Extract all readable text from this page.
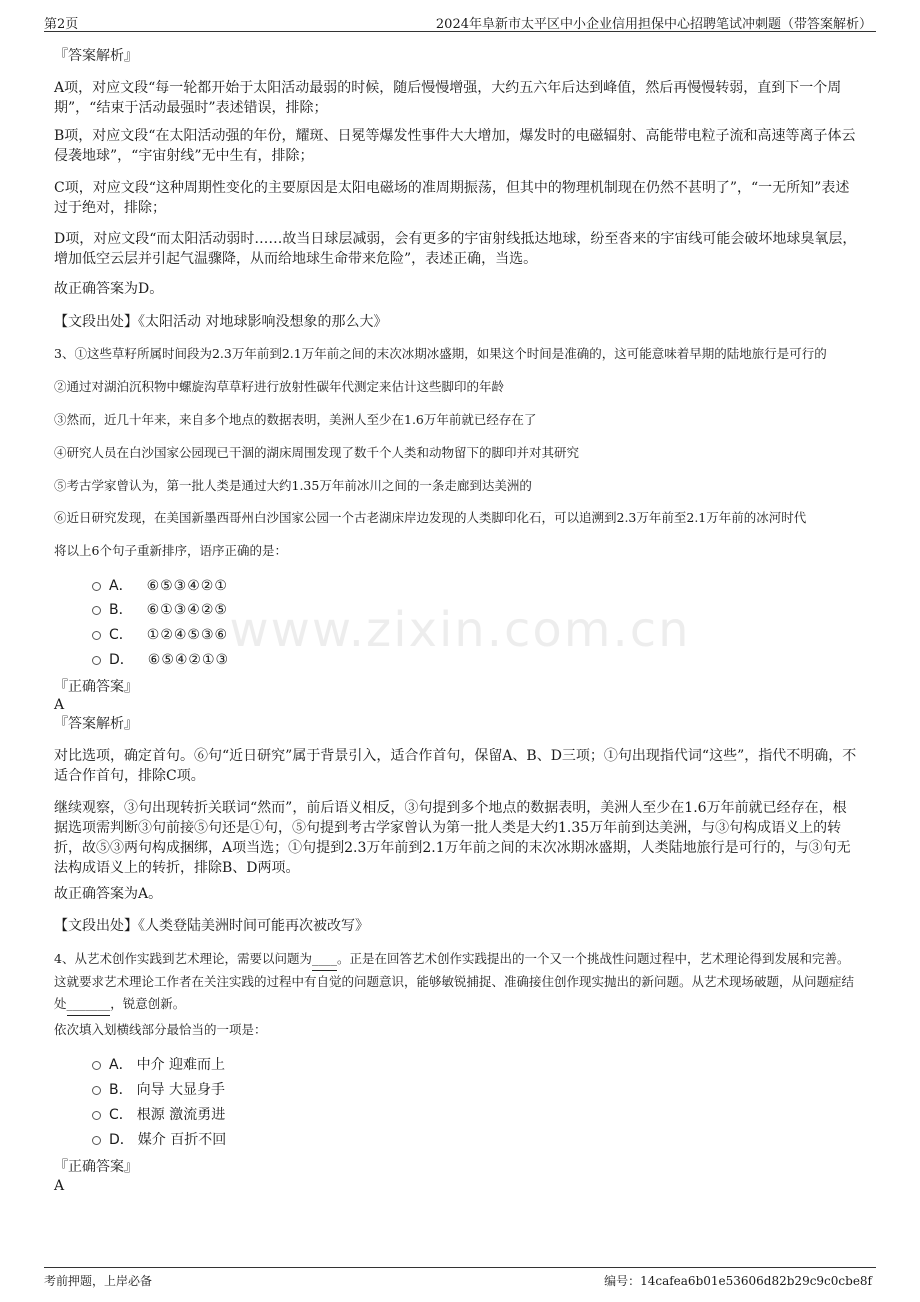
第2页	2024年阜新市太平区中小企业信用担保中心招聘笔试冲刺题（带答案解析）
www.zixin.com.cn

『答案解析』

A项，对应文段“每一轮都开始于太阳活动最弱的时候，随后慢慢增强，大约五六年后达到峰值，然后再慢慢转弱，直到下一个周期”，“结束于活动最强时”表述错误，排除；

B项，对应文段“在太阳活动强的年份，耀斑、日冕等爆发性事件大大增加，爆发时的电磁辐射、高能带电粒子流和高速等离子体云侵袭地球”，“宇宙射线”无中生有，排除；

C项，对应文段“这种周期性变化的主要原因是太阳电磁场的准周期振荡，但其中的物理机制现在仍然不甚明了”，“一无所知”表述过于绝对，排除；

D项，对应文段“而太阳活动弱时……故当日球层减弱，会有更多的宇宙射线抵达地球，纷至沓来的宇宙线可能会破坏地球臭氧层，增加低空云层并引起气温骤降，从而给地球生命带来危险”，表述正确，当选。

故正确答案为D。

【文段出处】《太阳活动 对地球影响没想象的那么大》

3、①这些草籽所属时间段为2.3万年前到2.1万年前之间的末次冰期冰盛期，如果这个时间是准确的，这可能意味着早期的陆地旅行是可行的

②通过对湖泊沉积物中螺旋沟草草籽进行放射性碳年代测定来估计这些脚印的年龄

③然而，近几十年来，来自多个地点的数据表明，美洲人至少在1.6万年前就已经存在了

④研究人员在白沙国家公园现已干涸的湖床周围发现了数千个人类和动物留下的脚印并对其研究

⑤考古学家曾认为，第一批人类是通过大约1.35万年前冰川之间的一条走廊到达美洲的

⑥近日研究发现，在美国新墨西哥州白沙国家公园一个古老湖床岸边发现的人类脚印化石，可以追溯到2.3万年前至2.1万年前的冰河时代

将以上6个句子重新排序，语序正确的是：

A． ⑥⑤③④②①
B． ⑥①③④②⑤
C． ①②④⑤③⑥
D． ⑥⑤④②①③

『正确答案』

A

『答案解析』

对比选项，确定首句。⑥句“近日研究”属于背景引入，适合作首句，保留A、B、D三项；①句出现指代词“这些”，指代不明确，不适合作首句，排除C项。

继续观察，③句出现转折关联词“然而”，前后语义相反，③句提到多个地点的数据表明，美洲人至少在1.6万年前就已经存在，根据选项需判断③句前接⑤句还是①句，⑤句提到考古学家曾认为第一批人类是大约1.35万年前到达美洲，与③句构成语义上的转折，故⑤③两句构成捆绑，A项当选；①句提到2.3万年前到2.1万年前之间的末次冰期冰盛期，人类陆地旅行是可行的，与③句无法构成语义上的转折，排除B、D两项。

故正确答案为A。

【文段出处】《人类登陆美洲时间可能再次被改写》

4、从艺术创作实践到艺术理论，需要以问题为____。正是在回答艺术创作实践提出的一个又一个挑战性问题过程中，艺术理论得到发展和完善。这就要求艺术理论工作者在关注实践的过程中有自觉的问题意识，能够敏锐捕捉、准确接住创作现实抛出的新问题。从艺术现场破题，从问题症结处_______，锐意创新。

依次填入划横线部分最恰当的一项是：

A． 中介 迎难而上
B． 向导 大显身手
C． 根源 激流勇进
D． 媒介 百折不回

『正确答案』

A

考前押题，上岸必备	编号：14cafea6b01e53606d82b29c9c0cbe8f
